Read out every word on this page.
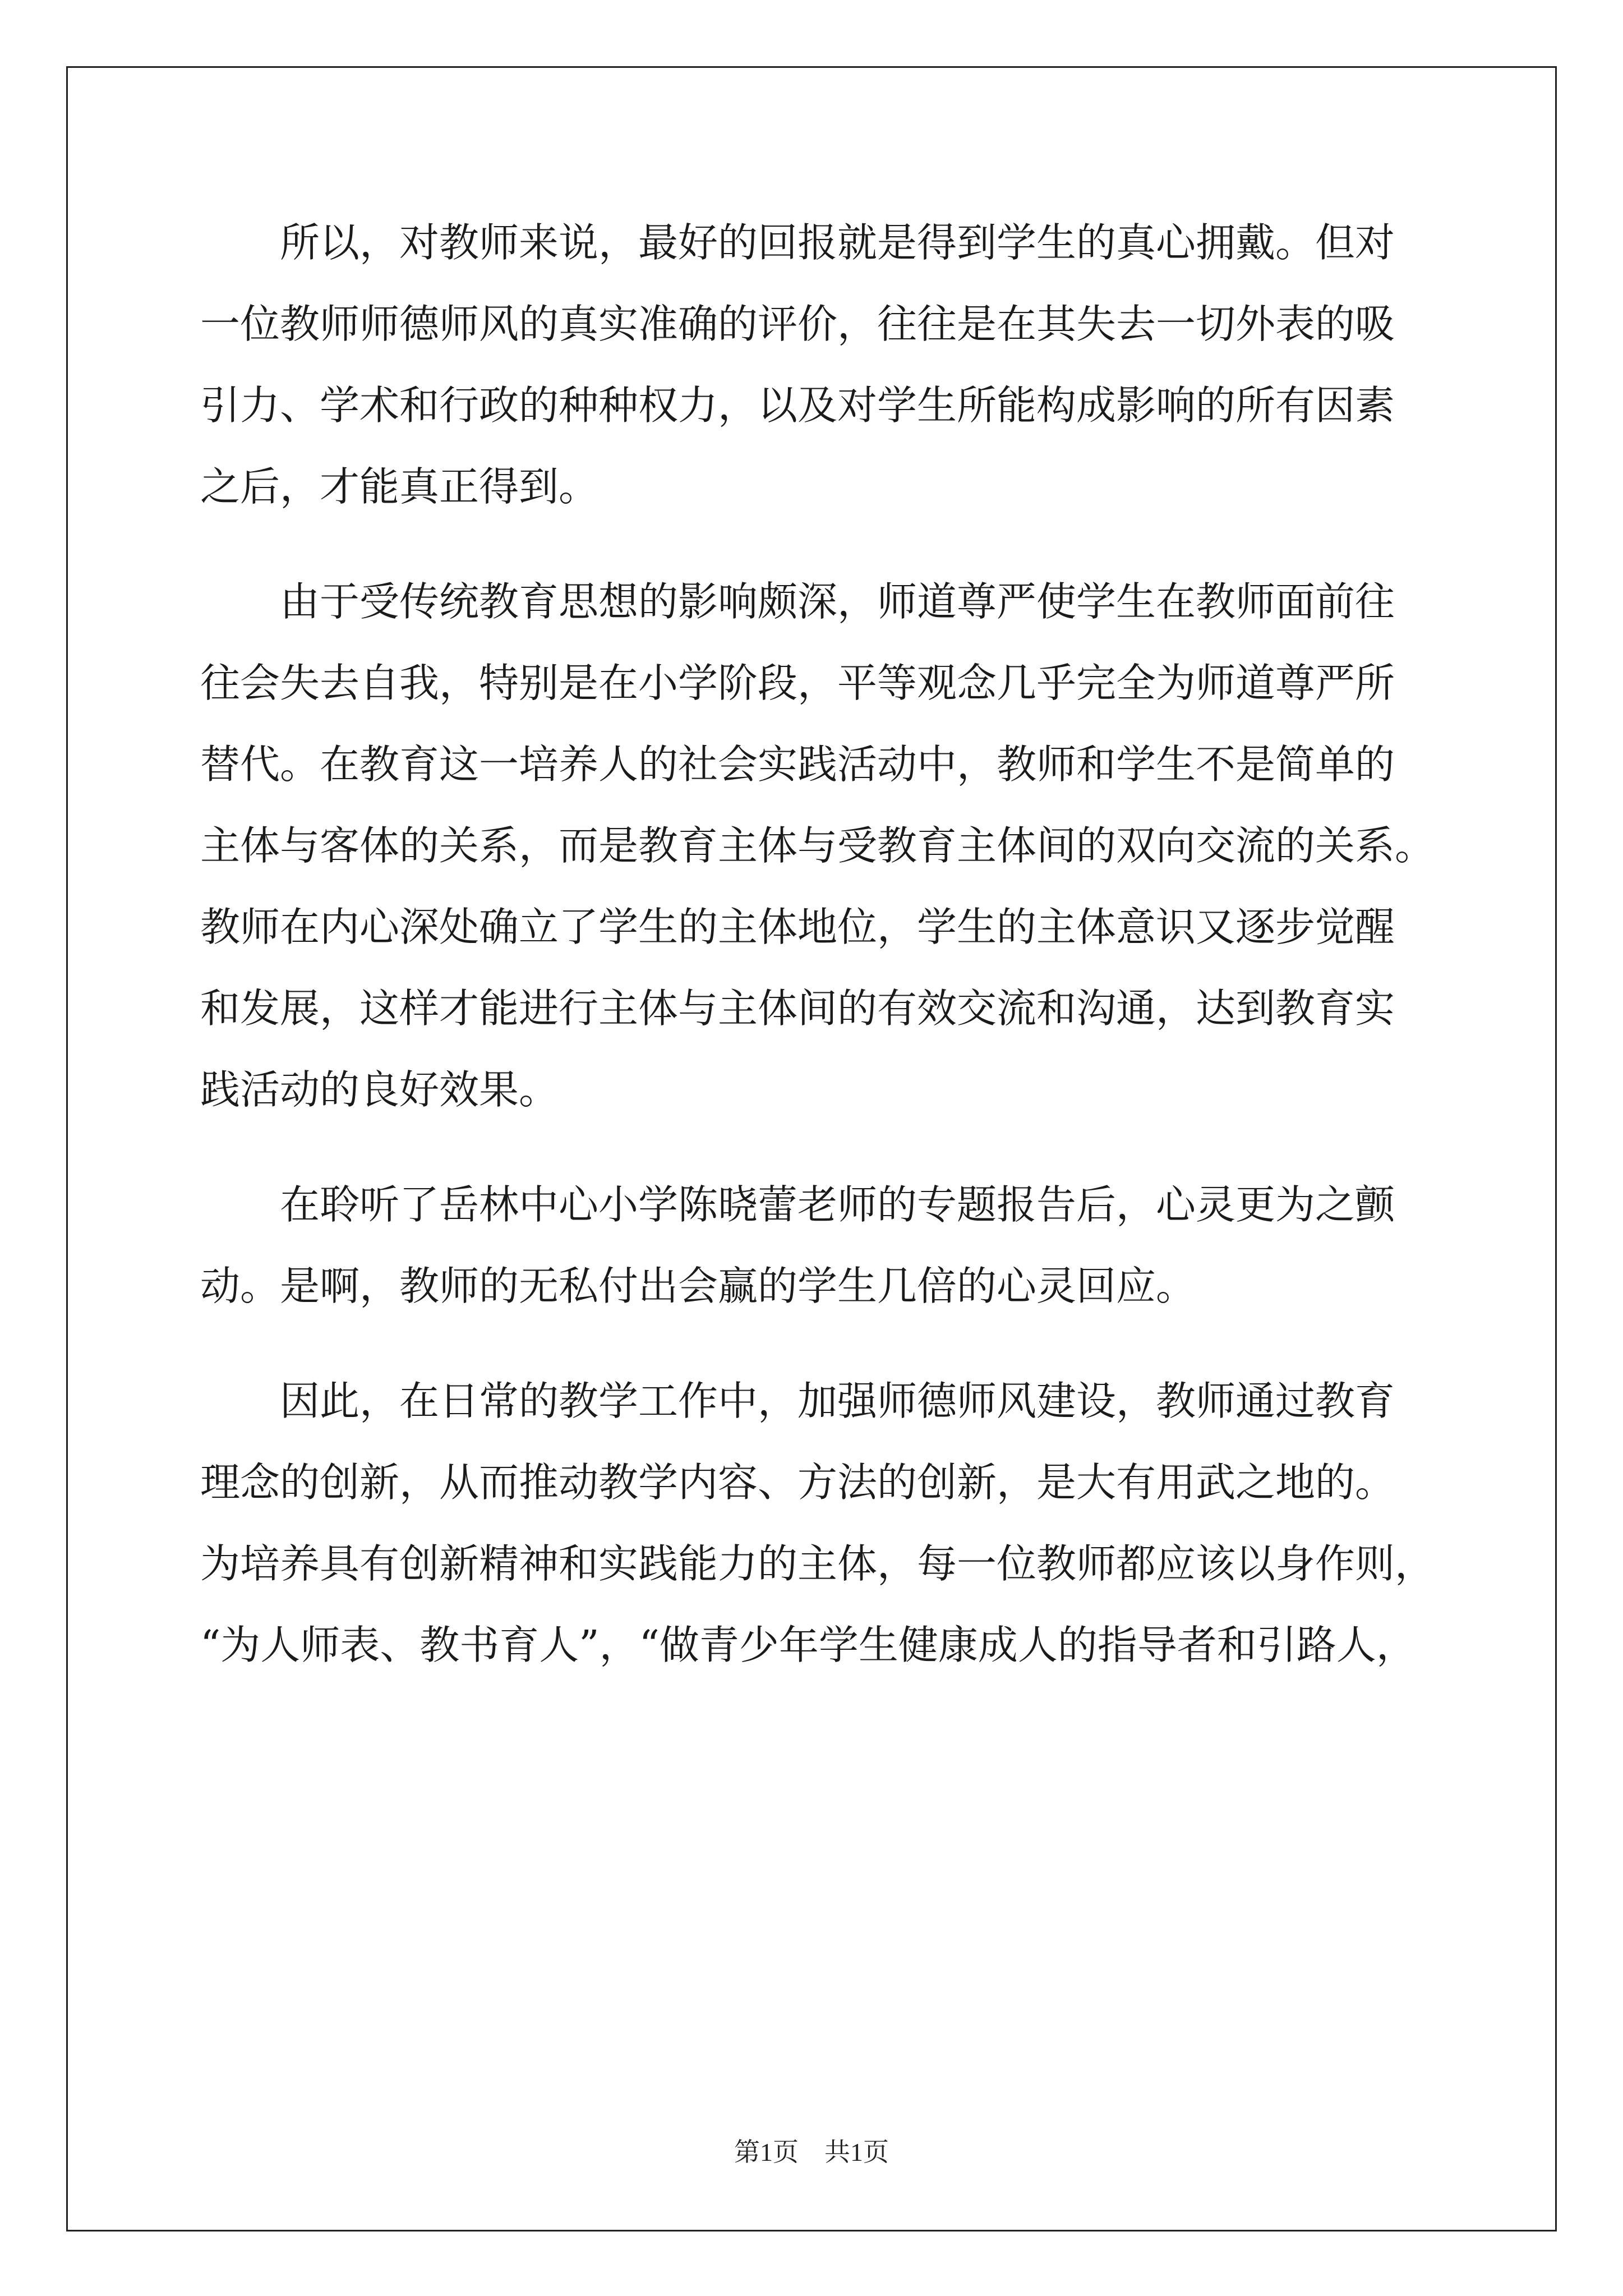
所以，对教师来说，最好的回报就是得到学生的真心拥戴。但对
一位教师师德师风的真实准确的评价，往往是在其失去一切外表的吸
引力、学术和行政的种种权力，以及对学生所能构成影响的所有因素
之后，才能真正得到。
由于受传统教育思想的影响颇深，师道尊严使学生在教师面前往
往会失去自我，特别是在小学阶段，平等观念几乎完全为师道尊严所
替代。在教育这一培养人的社会实践活动中，教师和学生不是简单的
主体与客体的关系，而是教育主体与受教育主体间的双向交流的关系。
教师在内心深处确立了学生的主体地位，学生的主体意识又逐步觉醒
和发展，这样才能进行主体与主体间的有效交流和沟通，达到教育实
践活动的良好效果。
在聆听了岳林中心小学陈晓蕾老师的专题报告后，心灵更为之颤
动。是啊，教师的无私付出会赢的学生几倍的心灵回应。
因此，在日常的教学工作中，加强师德师风建设，教师通过教育
理念的创新，从而推动教学内容、方法的创新，是大有用武之地的。
为培养具有创新精神和实践能力的主体，每一位教师都应该以身作则，
“为人师表、教书育人”，“做青少年学生健康成人的指导者和引路人，
第1页　共1页
